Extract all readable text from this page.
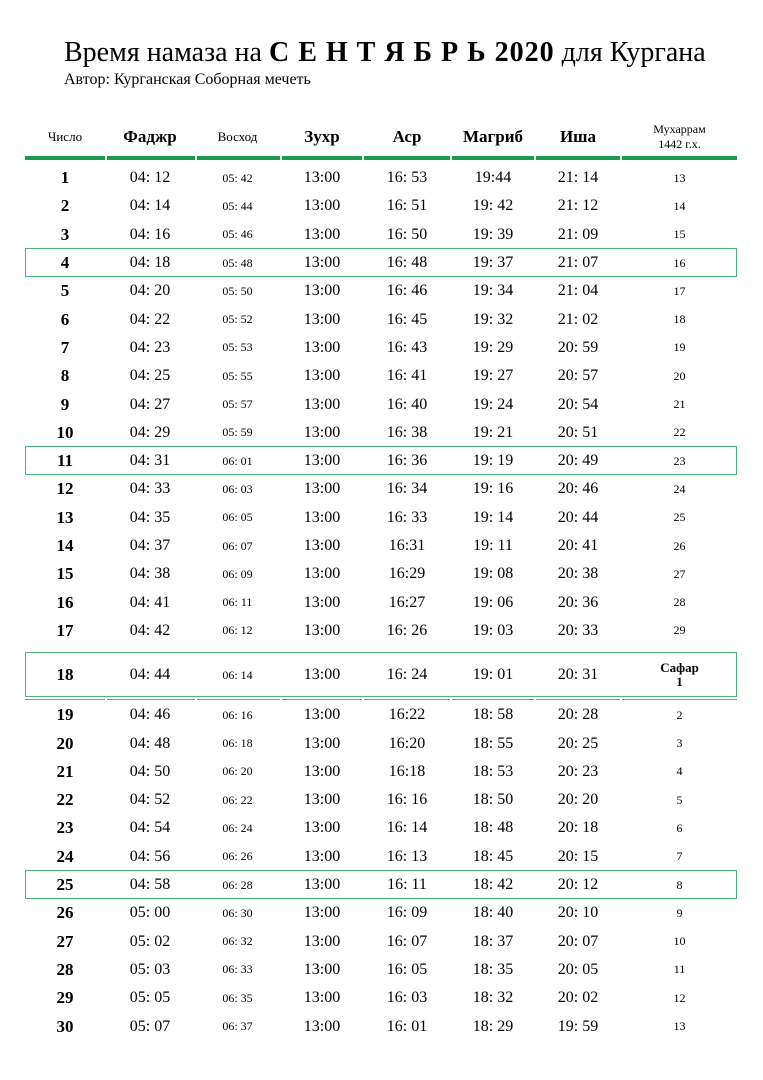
Время намаза на С Е Н Т Я Б Р Ь 2020 для Кургана
Автор: Курганская Соборная мечеть
Число Фаджр	Восход	Зухр	Аср Магриб Иша	Мухаррам
1442 г.х.
1	04: 12	05: 42	13:00	16: 53	19:44	21: 14	13
2	04: 14	05: 44	13:00	16: 51	19: 42	21: 12	14
3	04: 16	05: 46	13:00	16: 50	19: 39	21: 09	15
4	04: 18	05: 48	13:00	16: 48	19: 37	21: 07	16
5	04: 20	05: 50	13:00	16: 46	19: 34	21: 04	17
6	04: 22	05: 52	13:00	16: 45	19: 32	21: 02	18
7	04: 23	05: 53	13:00	16: 43	19: 29	20: 59	19
8	04: 25	05: 55	13:00	16: 41	19: 27	20: 57	20
9	04: 27	05: 57	13:00	16: 40	19: 24	20: 54	21
10	04: 29	05: 59	13:00	16: 38	19: 21	20: 51	22
11	04: 31	06: 01	13:00	16: 36	19: 19	20: 49	23
12	04: 33	06: 03	13:00	16: 34	19: 16	20: 46	24
13	04: 35	06: 05	13:00	16: 33	19: 14	20: 44	25
14	04: 37	06: 07	13:00	16:31	19: 11	20: 41	26
15	04: 38	06: 09	13:00	16:29	19: 08	20: 38	27
16	04: 41	06: 11	13:00	16:27	19: 06	20: 36	28
17	04: 42	06: 12	13:00	16: 26	19: 03	20: 33	29
18	04: 44	06: 14	13:00	16: 24	19: 01	20: 31	Сафар
1
19	04: 46	06: 16	13:00	16:22	18: 58	20: 28	2
20	04: 48	06: 18	13:00	16:20	18: 55	20: 25	3
21	04: 50	06: 20	13:00	16:18	18: 53	20: 23	4
22	04: 52	06: 22	13:00	16: 16	18: 50	20: 20	5
23	04: 54	06: 24	13:00	16: 14	18: 48	20: 18	6
24	04: 56	06: 26	13:00	16: 13	18: 45	20: 15	7
25	04: 58	06: 28	13:00	16: 11	18: 42	20: 12	8
26	05: 00	06: 30	13:00	16: 09	18: 40	20: 10	9
27	05: 02	06: 32	13:00	16: 07	18: 37	20: 07	10
28	05: 03	06: 33	13:00	16: 05	18: 35	20: 05	11
29	05: 05	06: 35	13:00	16: 03	18: 32	20: 02	12
30	05: 07	06: 37	13:00	16: 01	18: 29	19: 59	13
